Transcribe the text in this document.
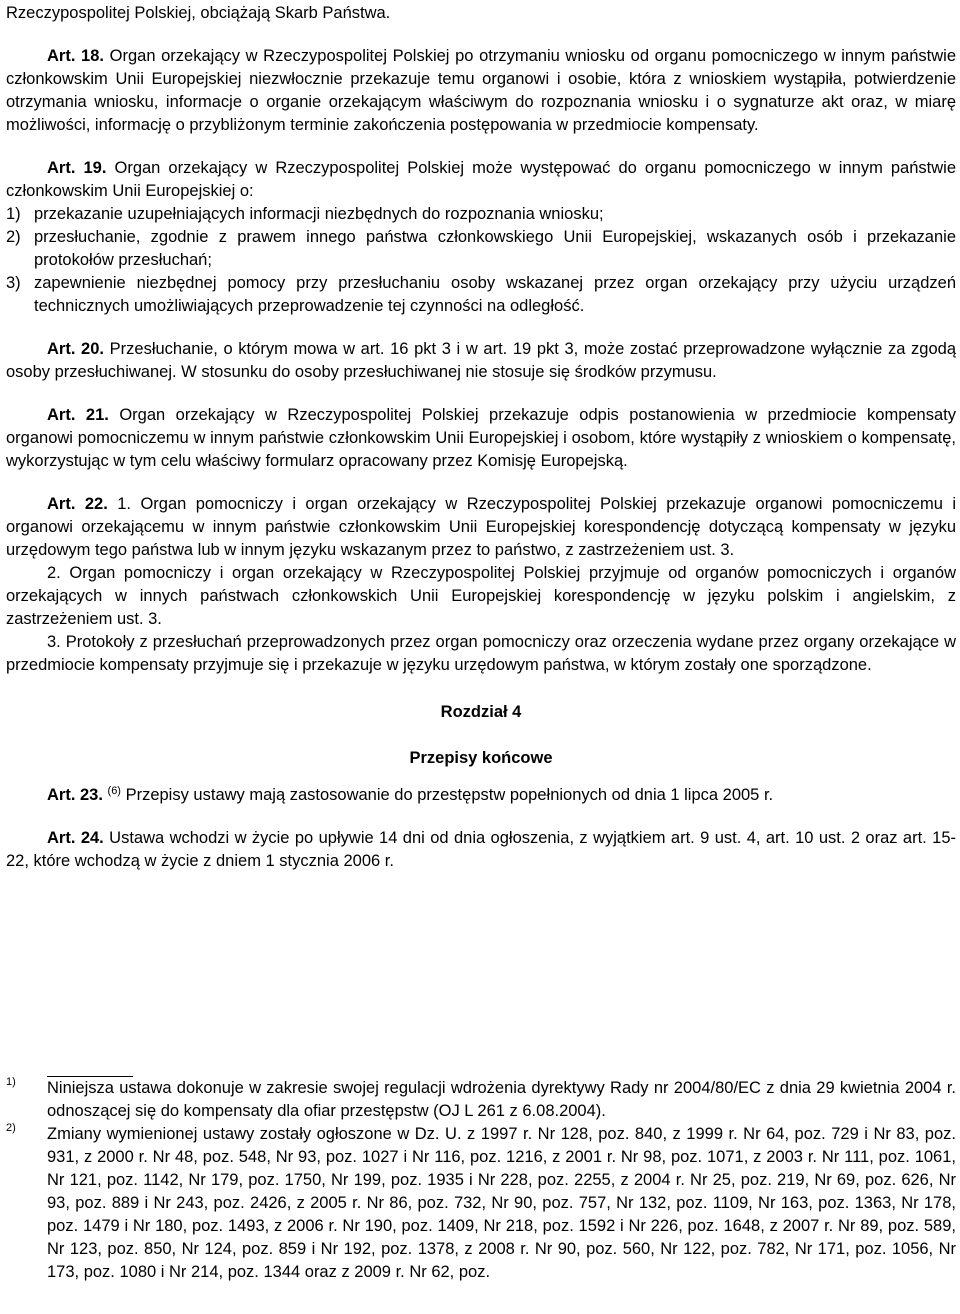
Rzeczypospolitej Polskiej, obciążają Skarb Państwa.

Art. 18. Organ orzekający w Rzeczypospolitej Polskiej po otrzymaniu wniosku od organu pomocniczego w innym państwie członkowskim Unii Europejskiej niezwłocznie przekazuje temu organowi i osobie, która z wnioskiem wystąpiła, potwierdzenie otrzymania wniosku, informacje o organie orzekającym właściwym do rozpoznania wniosku i o sygnaturze akt oraz, w miarę możliwości, informację o przybliżonym terminie zakończenia postępowania w przedmiocie kompensaty.

Art. 19. Organ orzekający w Rzeczypospolitej Polskiej może występować do organu pomocniczego w innym państwie członkowskim Unii Europejskiej o:

1) przekazanie uzupełniających informacji niezbędnych do rozpoznania wniosku;
2) przesłuchanie, zgodnie z prawem innego państwa członkowskiego Unii Europejskiej, wskazanych osób i przekazanie protokołów przesłuchań;
3) zapewnienie niezbędnej pomocy przy przesłuchaniu osoby wskazanej przez organ orzekający przy użyciu urządzeń technicznych umożliwiających przeprowadzenie tej czynności na odległość.

Art. 20. Przesłuchanie, o którym mowa w art. 16 pkt 3 i w art. 19 pkt 3, może zostać przeprowadzone wyłącznie za zgodą osoby przesłuchiwanej. W stosunku do osoby przesłuchiwanej nie stosuje się środków przymusu.

Art. 21. Organ orzekający w Rzeczypospolitej Polskiej przekazuje odpis postanowienia w przedmiocie kompensaty organowi pomocniczemu w innym państwie członkowskim Unii Europejskiej i osobom, które wystąpiły z wnioskiem o kompensatę, wykorzystując w tym celu właściwy formularz opracowany przez Komisję Europejską.

Art. 22. 1. Organ pomocniczy i organ orzekający w Rzeczypospolitej Polskiej przekazuje organowi pomocniczemu i organowi orzekającemu w innym państwie członkowskim Unii Europejskiej korespondencję dotyczącą kompensaty w języku urzędowym tego państwa lub w innym języku wskazanym przez to państwo, z zastrzeżeniem ust. 3.

2. Organ pomocniczy i organ orzekający w Rzeczypospolitej Polskiej przyjmuje od organów pomocniczych i organów orzekających w innych państwach członkowskich Unii Europejskiej korespondencję w języku polskim i angielskim, z zastrzeżeniem ust. 3.

3. Protokoły z przesłuchań przeprowadzonych przez organ pomocniczy oraz orzeczenia wydane przez organy orzekające w przedmiocie kompensaty przyjmuje się i przekazuje w języku urzędowym państwa, w którym zostały one sporządzone.

Rozdział 4

Przepisy końcowe

Art. 23. $^{(6)}$ Przepisy ustawy mają zastosowanie do przestępstw popełnionych od dnia 1 lipca 2005 r.

Art. 24. Ustawa wchodzi w życie po upływie 14 dni od dnia ogłoszenia, z wyjątkiem art. 9 ust. 4, art. 10 ust. 2 oraz art. 15-22, które wchodzą w życie z dniem 1 stycznia 2006 r.

1) Niniejsza ustawa dokonuje w zakresie swojej regulacji wdrożenia dyrektywy Rady nr 2004/80/EC z dnia 29 kwietnia 2004 r. odnoszącej się do kompensaty dla ofiar przestępstw (OJ L 261 z 6.08.2004).
2) Zmiany wymienionej ustawy zostały ogłoszone w Dz. U. z 1997 r. Nr 128, poz. 840, z 1999 r. Nr 64, poz. 729 i Nr 83, poz. 931, z 2000 r. Nr 48, poz. 548, Nr 93, poz. 1027 i Nr 116, poz. 1216, z 2001 r. Nr 98, poz. 1071, z 2003 r. Nr 111, poz. 1061, Nr 121, poz. 1142, Nr 179, poz. 1750, Nr 199, poz. 1935 i Nr 228, poz. 2255, z 2004 r. Nr 25, poz. 219, Nr 69, poz. 626, Nr 93, poz. 889 i Nr 243, poz. 2426, z 2005 r. Nr 86, poz. 732, Nr 90, poz. 757, Nr 132, poz. 1109, Nr 163, poz. 1363, Nr 178, poz. 1479 i Nr 180, poz. 1493, z 2006 r. Nr 190, poz. 1409, Nr 218, poz. 1592 i Nr 226, poz. 1648, z 2007 r. Nr 89, poz. 589, Nr 123, poz. 850, Nr 124, poz. 859 i Nr 192, poz. 1378, z 2008 r. Nr 90, poz. 560, Nr 122, poz. 782, Nr 171, poz. 1056, Nr 173, poz. 1080 i Nr 214, poz. 1344 oraz z 2009 r. Nr 62, poz.
